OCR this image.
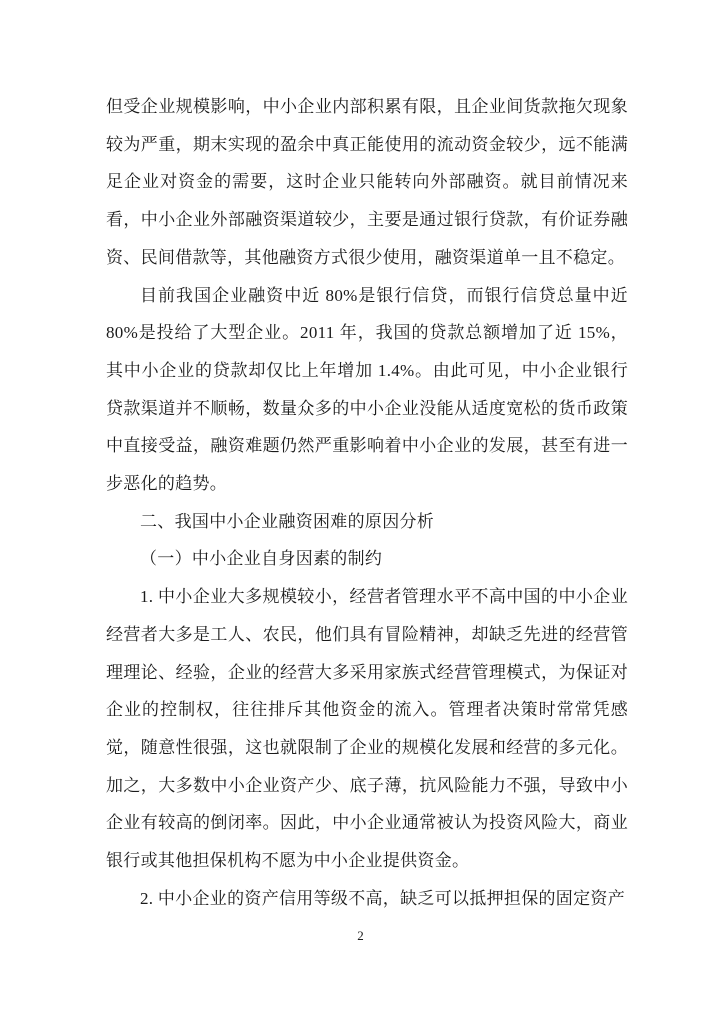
但受企业规模影响，中小企业内部积累有限，且企业间货款拖欠现象较为严重，期末实现的盈余中真正能使用的流动资金较少，远不能满足企业对资金的需要，这时企业只能转向外部融资。就目前情况来看，中小企业外部融资渠道较少，主要是通过银行贷款，有价证券融资、民间借款等，其他融资方式很少使用，融资渠道单一且不稳定。

目前我国企业融资中近 80%是银行信贷，而银行信贷总量中近 80%是投给了大型企业。2011 年，我国的贷款总额增加了近 15%，其中小企业的贷款却仅比上年增加 1.4%。由此可见，中小企业银行贷款渠道并不顺畅，数量众多的中小企业没能从适度宽松的货币政策中直接受益，融资难题仍然严重影响着中小企业的发展，甚至有进一步恶化的趋势。

二、我国中小企业融资困难的原因分析

（一）中小企业自身因素的制约

1. 中小企业大多规模较小，经营者管理水平不高中国的中小企业经营者大多是工人、农民，他们具有冒险精神，却缺乏先进的经营管理理论、经验，企业的经营大多采用家族式经营管理模式，为保证对企业的控制权，往往排斥其他资金的流入。管理者决策时常常凭感觉，随意性很强，这也就限制了企业的规模化发展和经营的多元化。加之，大多数中小企业资产少、底子薄，抗风险能力不强，导致中小企业有较高的倒闭率。因此，中小企业通常被认为投资风险大，商业银行或其他担保机构不愿为中小企业提供资金。

2. 中小企业的资产信用等级不高，缺乏可以抵押担保的固定资产

2
